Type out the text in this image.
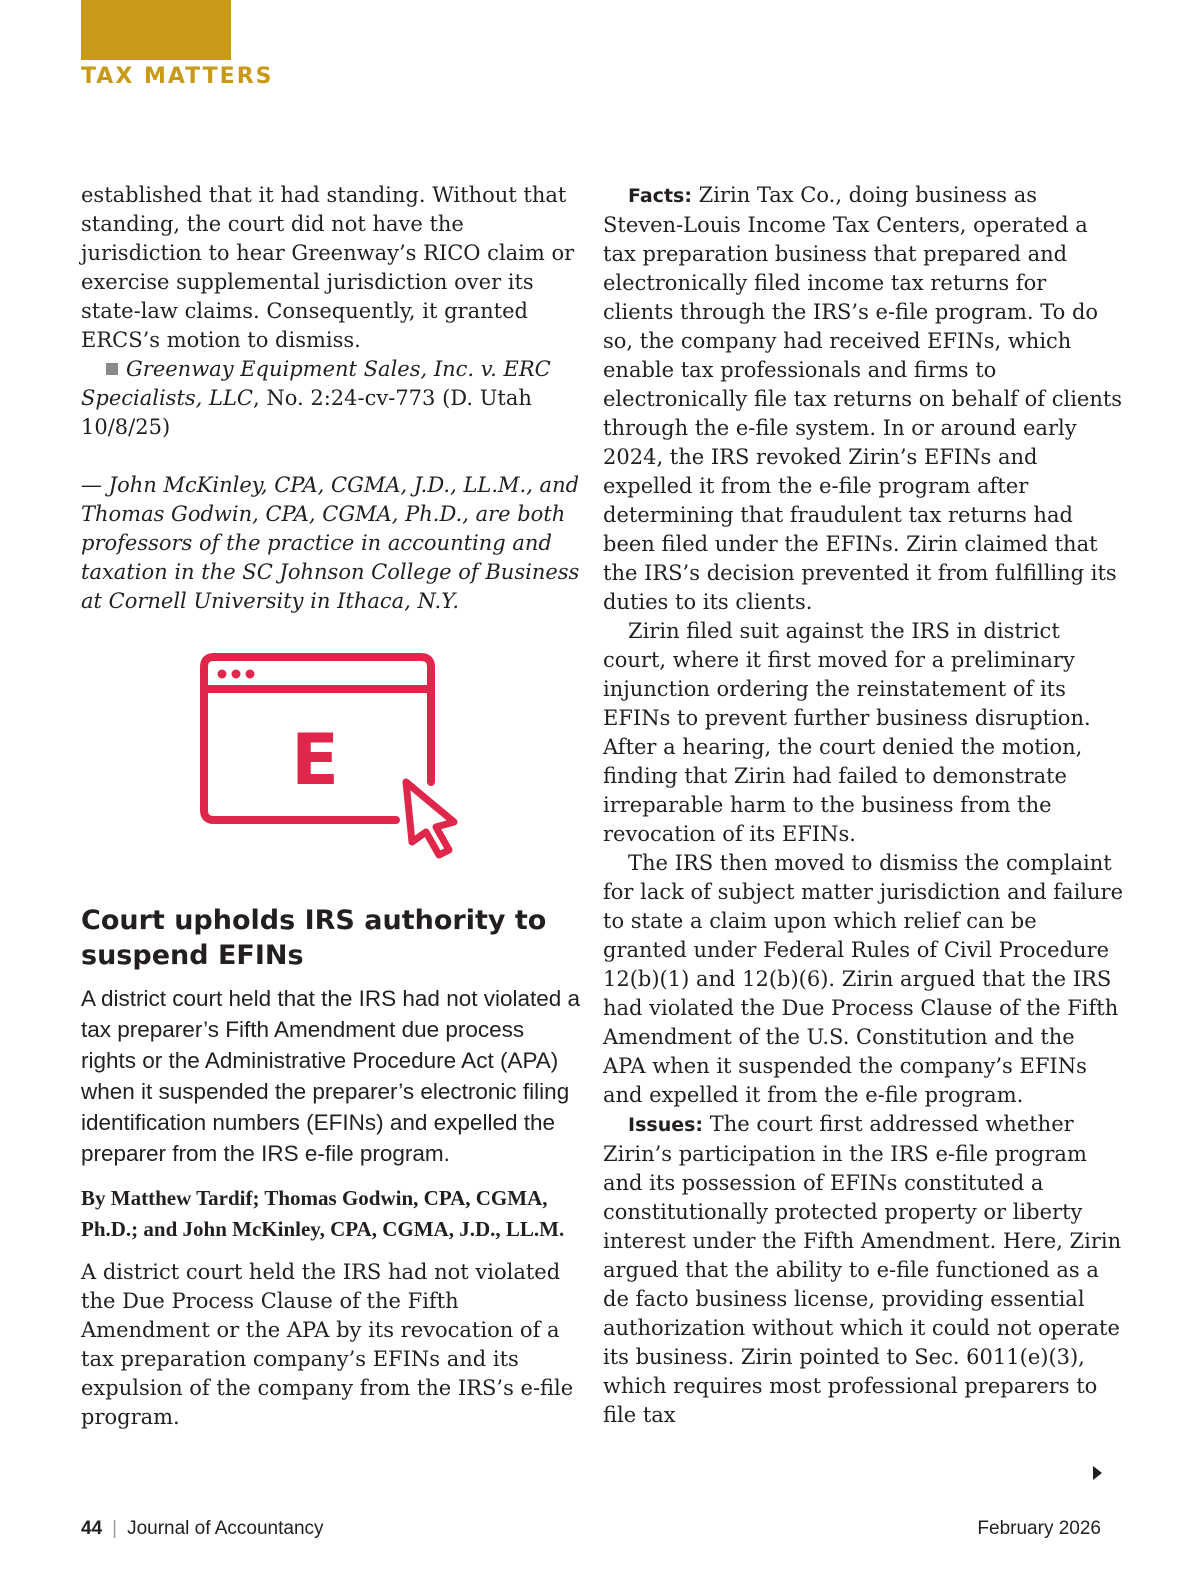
TAX MATTERS

established that it had standing. Without that standing, the court did not have the jurisdiction to hear Greenway’s RICO claim or exercise supplemental jurisdiction over its state-law claims. Consequently, it granted ERCS’s motion to dismiss.

Greenway Equipment Sales, Inc. v. ERC Specialists, LLC, No. 2:24-cv-773 (D. Utah 10/8/25)

— John McKinley, CPA, CGMA, J.D., LL.M., and Thomas Godwin, CPA, CGMA, Ph.D., are both professors of the practice in accounting and taxation in the SC Johnson College of Business at Cornell University in Ithaca, N.Y.

E
Court upholds IRS authority to suspend EFINs

A district court held that the IRS had not violated a tax preparer’s Fifth Amendment due process rights or the Administrative Procedure Act (APA) when it suspended the preparer’s electronic filing identification numbers (EFINs) and expelled the preparer from the IRS e-file program.

By Matthew Tardif; Thomas Godwin, CPA, CGMA, Ph.D.; and John McKinley, CPA, CGMA, J.D., LL.M.

A district court held the IRS had not violated the Due Process Clause of the Fifth Amendment or the APA by its revocation of a tax preparation company’s EFINs and its expulsion of the company from the IRS’s e-file program.

Facts: Zirin Tax Co., doing business as Steven-Louis Income Tax Centers, operated a tax preparation business that prepared and electronically filed income tax returns for clients through the IRS’s e-file program. To do so, the company had received EFINs, which enable tax professionals and firms to electronically file tax returns on behalf of clients through the e-file system. In or around early 2024, the IRS revoked Zirin’s EFINs and expelled it from the e-file program after determining that fraudulent tax returns had been filed under the EFINs. Zirin claimed that the IRS’s decision prevented it from fulfilling its duties to its clients.

Zirin filed suit against the IRS in district court, where it first moved for a preliminary injunction ordering the reinstatement of its EFINs to prevent further business disruption. After a hearing, the court denied the motion, finding that Zirin had failed to demonstrate irreparable harm to the business from the revocation of its EFINs.

The IRS then moved to dismiss the complaint for lack of subject matter jurisdiction and failure to state a claim upon which relief can be granted under Federal Rules of Civil Procedure 12(b)(1) and 12(b)(6). Zirin argued that the IRS had violated the Due Process Clause of the Fifth Amendment of the U.S. Constitution and the APA when it suspended the company’s EFINs and expelled it from the e-file program.

Issues: The court first addressed whether Zirin’s participation in the IRS e-file program and its possession of EFINs constituted a constitutionally protected property or liberty interest under the Fifth Amendment. Here, Zirin argued that the ability to e-file functioned as a de facto business license, providing essential authorization without which it could not operate its business. Zirin pointed to Sec. 6011(e)(3), which requires most professional preparers to file tax

44 | Journal of Accountancy	February 2026
